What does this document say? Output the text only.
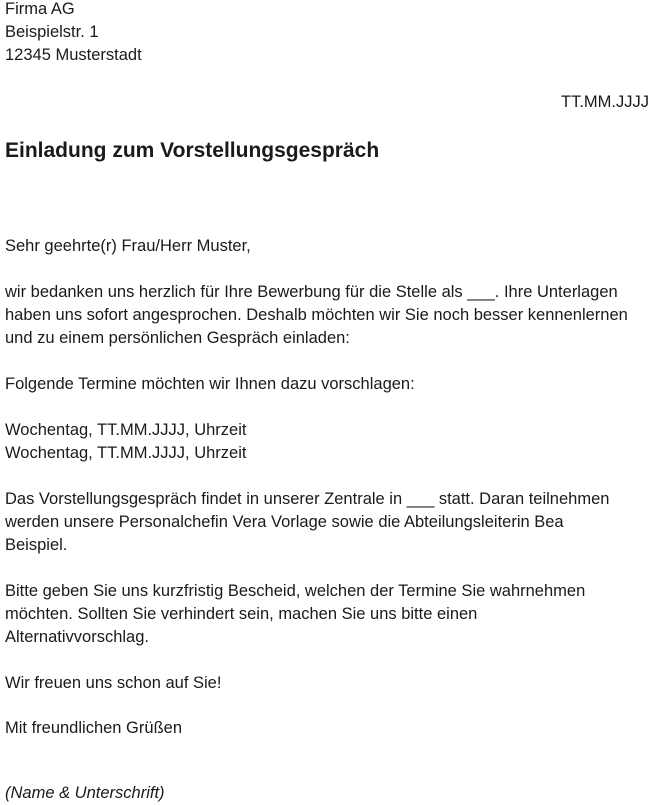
Firma AG
Beispielstr. 1
12345 Musterstadt
TT.MM.JJJJ
Einladung zum Vorstellungsgespräch
Sehr geehrte(r) Frau/Herr Muster,
wir bedanken uns herzlich für Ihre Bewerbung für die Stelle als ___. Ihre Unterlagen
haben uns sofort angesprochen. Deshalb möchten wir Sie noch besser kennenlernen
und zu einem persönlichen Gespräch einladen:
Folgende Termine möchten wir Ihnen dazu vorschlagen:
Wochentag, TT.MM.JJJJ, Uhrzeit
Wochentag, TT.MM.JJJJ, Uhrzeit
Das Vorstellungsgespräch findet in unserer Zentrale in ___ statt. Daran teilnehmen
werden unsere Personalchefin Vera Vorlage sowie die Abteilungsleiterin Bea
Beispiel.
Bitte geben Sie uns kurzfristig Bescheid, welchen der Termine Sie wahrnehmen
möchten. Sollten Sie verhindert sein, machen Sie uns bitte einen
Alternativvorschlag.
Wir freuen uns schon auf Sie!
Mit freundlichen Grüßen
(Name & Unterschrift)
